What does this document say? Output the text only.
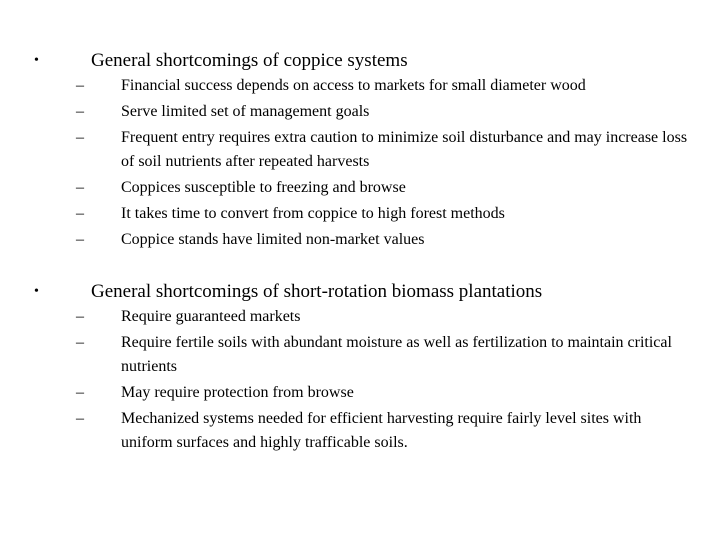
•	General shortcomings of coppice systems
– Financial success depends on access to markets for small diameter wood
– Serve limited set of management goals
– Frequent entry requires extra caution to minimize soil disturbance and may increase loss of soil nutrients after repeated harvests
– Coppices susceptible to freezing and browse
– It takes time to convert from coppice to high forest methods
– Coppice stands have limited non-market values
•	General shortcomings of short-rotation biomass plantations
– Require guaranteed markets
– Require fertile soils with abundant moisture as well as fertilization to maintain critical nutrients
– May require protection from browse
– Mechanized systems needed for efficient harvesting require fairly level sites with uniform surfaces and highly trafficable soils.
